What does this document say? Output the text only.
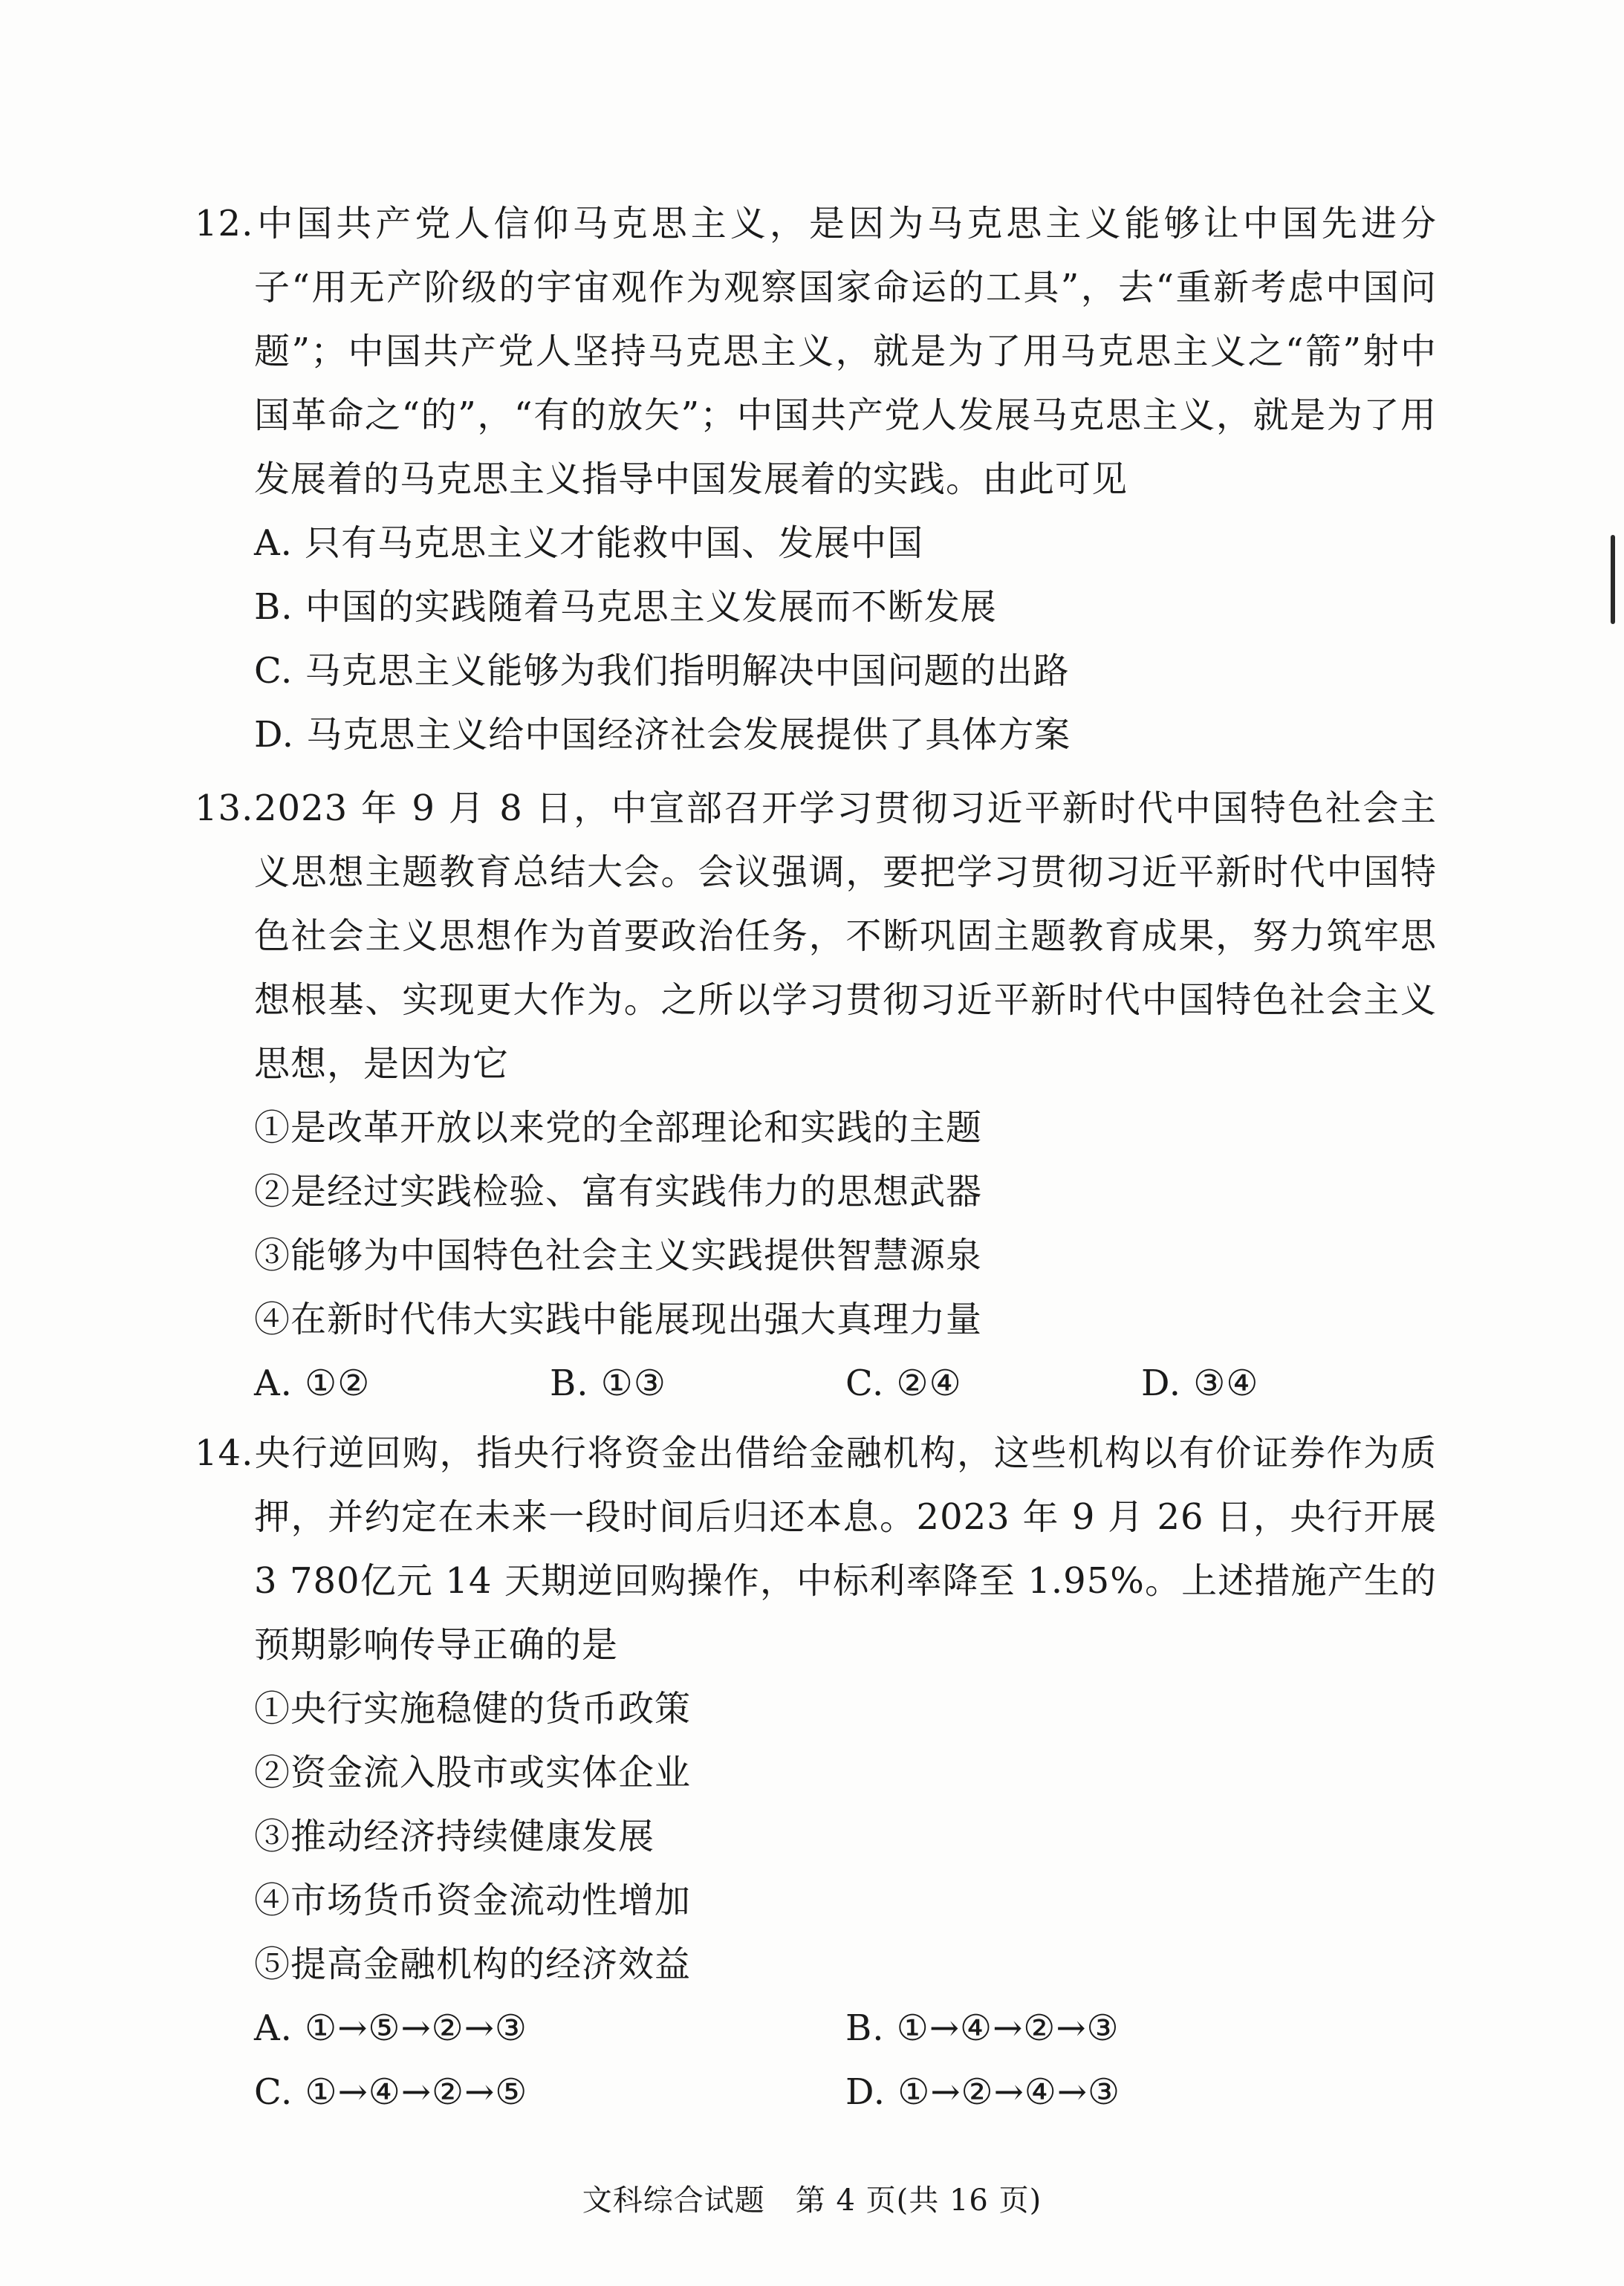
12.中国共产党人信仰马克思主义，是因为马克思主义能够让中国先进分子“用无产阶级的宇宙观作为观察国家命运的工具”，去“重新考虑中国问题”；中国共产党人坚持马克思主义，就是为了用马克思主义之“箭”射中国革命之“的”，“有的放矢”；中国共产党人发展马克思主义，就是为了用发展着的马克思主义指导中国发展着的实践。由此可见

A. 只有马克思主义才能救中国、发展中国
B. 中国的实践随着马克思主义发展而不断发展
C. 马克思主义能够为我们指明解决中国问题的出路
D. 马克思主义给中国经济社会发展提供了具体方案

13.2023 年 9 月 8 日，中宣部召开学习贯彻习近平新时代中国特色社会主义思想主题教育总结大会。会议强调，要把学习贯彻习近平新时代中国特色社会主义思想作为首要政治任务，不断巩固主题教育成果，努力筑牢思想根基、实现更大作为。之所以学习贯彻习近平新时代中国特色社会主义思想，是因为它

①是改革开放以来党的全部理论和实践的主题
②是经过实践检验、富有实践伟力的思想武器
③能够为中国特色社会主义实践提供智慧源泉
④在新时代伟大实践中能展现出强大真理力量
A. ①②	B. ①③	C. ②④	D. ③④

14.央行逆回购，指央行将资金出借给金融机构，这些机构以有价证券作为质押，并约定在未来一段时间后归还本息。2023 年 9 月 26 日，央行开展 3 780亿元 14 天期逆回购操作，中标利率降至 1.95%。上述措施产生的预期影响传导正确的是

①央行实施稳健的货币政策
②资金流入股市或实体企业
③推动经济持续健康发展
④市场货币资金流动性增加
⑤提高金融机构的经济效益
A. ①→⑤→②→③	B. ①→④→②→③
C. ①→④→②→⑤	D. ①→②→④→③
文科综合试题　第 4 页(共 16 页)
